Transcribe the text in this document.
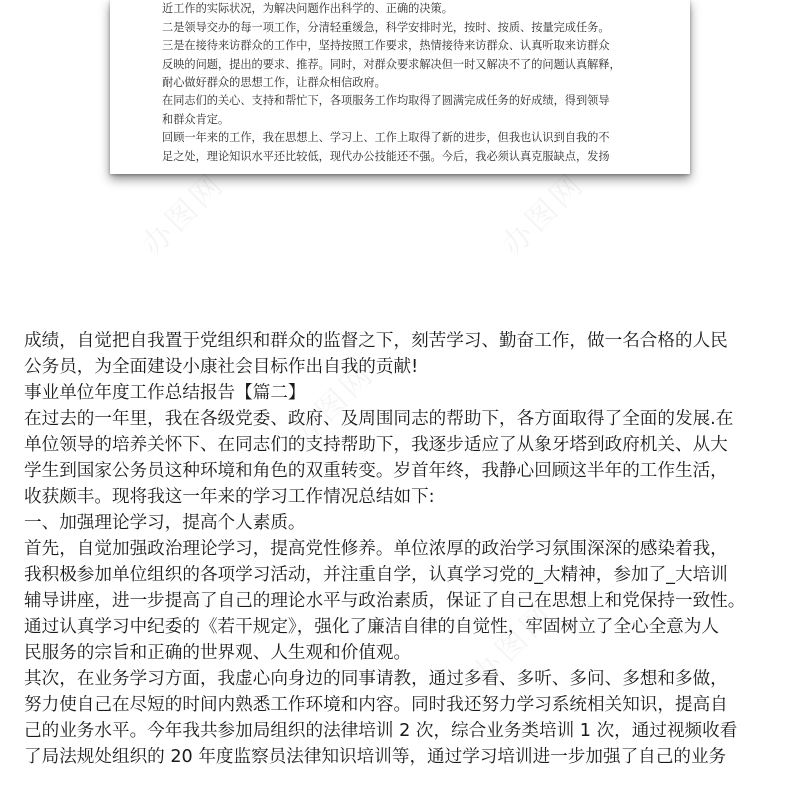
近工作的实际状况，为解决问题作出科学的、正确的决策。

二是领导交办的每一项工作，分清轻重缓急，科学安排时光，按时、按质、按量完成任务。

三是在接待来访群众的工作中，坚持按照工作要求，热情接待来访群众、认真听取来访群众

反映的问题，提出的要求、推荐。同时，对群众要求解决但一时又解决不了的问题认真解释，

耐心做好群众的思想工作，让群众相信政府。

在同志们的关心、支持和帮忙下，各项服务工作均取得了圆满完成任务的好成绩，得到领导

和群众肯定。

回顾一年来的工作，我在思想上、学习上、工作上取得了新的进步，但我也认识到自我的不

足之处，理论知识水平还比较低，现代办公技能还不强。今后，我必须认真克服缺点，发扬

成绩，自觉把自我置于党组织和群众的监督之下，刻苦学习、勤奋工作，做一名合格的人民

公务员，为全面建设小康社会目标作出自我的贡献!

事业单位年度工作总结报告【篇二】

在过去的一年里，我在各级党委、政府、及周围同志的帮助下，各方面取得了全面的发展.在

单位领导的培养关怀下、在同志们的支持帮助下，我逐步适应了从象牙塔到政府机关、从大

学生到国家公务员这种环境和角色的双重转变。岁首年终，我静心回顾这半年的工作生活，

收获颇丰。现将我这一年来的学习工作情况总结如下:

一、加强理论学习，提高个人素质。

首先，自觉加强政治理论学习，提高党性修养。单位浓厚的政治学习氛围深深的感染着我，

我积极参加单位组织的各项学习活动，并注重自学，认真学习党的_大精神，参加了_大培训

辅导讲座，进一步提高了自己的理论水平与政治素质，保证了自己在思想上和党保持一致性。

通过认真学习中纪委的《若干规定》，强化了廉洁自律的自觉性，牢固树立了全心全意为人

民服务的宗旨和正确的世界观、人生观和价值观。

其次，在业务学习方面，我虚心向身边的同事请教，通过多看、多听、多问、多想和多做，

努力使自己在尽短的时间内熟悉工作环境和内容。同时我还努力学习系统相关知识，提高自

己的业务水平。今年我共参加局组织的法律培训 2 次，综合业务类培训 1 次，通过视频收看

了局法规处组织的 20 年度监察员法律知识培训等，通过学习培训进一步加强了自己的业务
